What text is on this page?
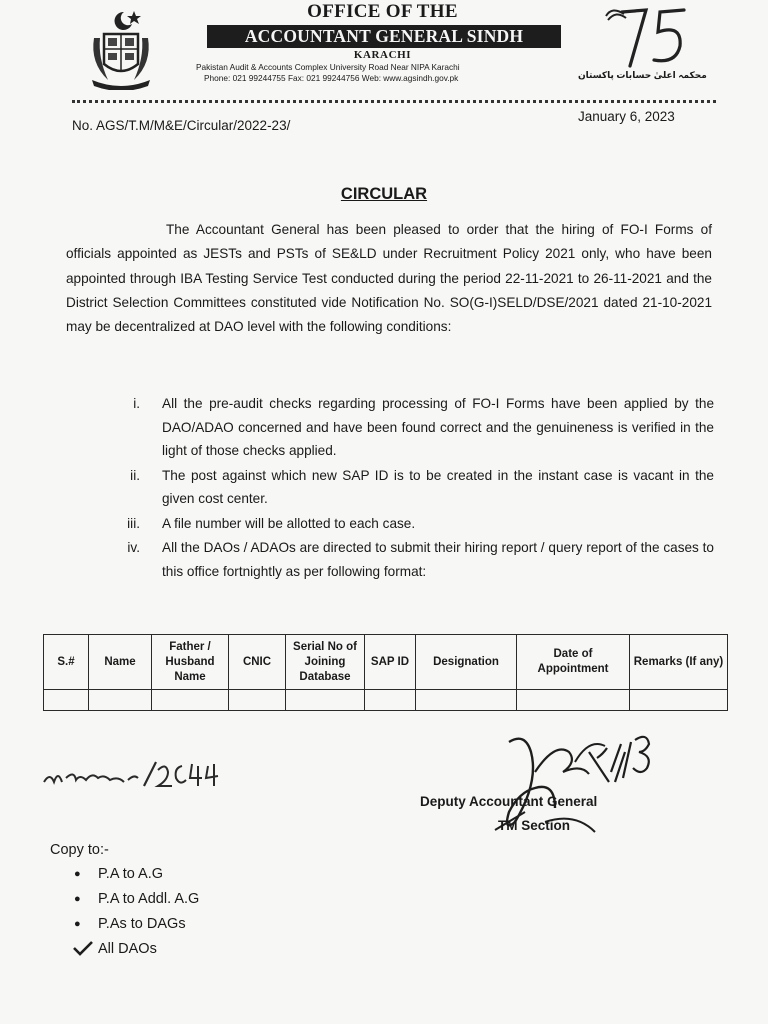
OFFICE OF THE
ACCOUNTANT GENERAL SINDH
KARACHI
Pakistan Audit & Accounts Complex University Road Near NIPA Karachi
Phone: 021 99244755 Fax: 021 99244756 Web: www.agsindh.gov.pk	محکمہ اعلیٰ حسابات پاکستان
No. AGS/T.M/M&E/Circular/2022-23/
January 6, 2023
CIRCULAR

The Accountant General has been pleased to order that the hiring of FO-I Forms of officials appointed as JESTs and PSTs of SE&LD under Recruitment Policy 2021 only, who have been appointed through IBA Testing Service Test conducted during the period 22-11-2021 to 26-11-2021 and the District Selection Committees constituted vide Notification No. SO(G-I)SELD/DSE/2021 dated 21-10-2021 may be decentralized at DAO level with the following conditions:

i. All the pre-audit checks regarding processing of FO-I Forms have been applied by the DAO/ADAO concerned and have been found correct and the genuineness is verified in the light of those checks applied.
ii. The post against which new SAP ID is to be created in the instant case is vacant in the given cost center.
iii. A file number will be allotted to each case.
iv. All the DAOs / ADAOs are directed to submit their hiring report / query report of the cases to this office fortnightly as per following format:
S.#	Name	Father / Husband Name	CNIC	Serial No of Joining Database	SAP ID	Designation	Date of Appointment	Remarks (If any)

Deputy Accountant General
TM Section
Copy to:-
● P.A to A.G
● P.A to Addl. A.G
● P.As to DAGs
All DAOs
